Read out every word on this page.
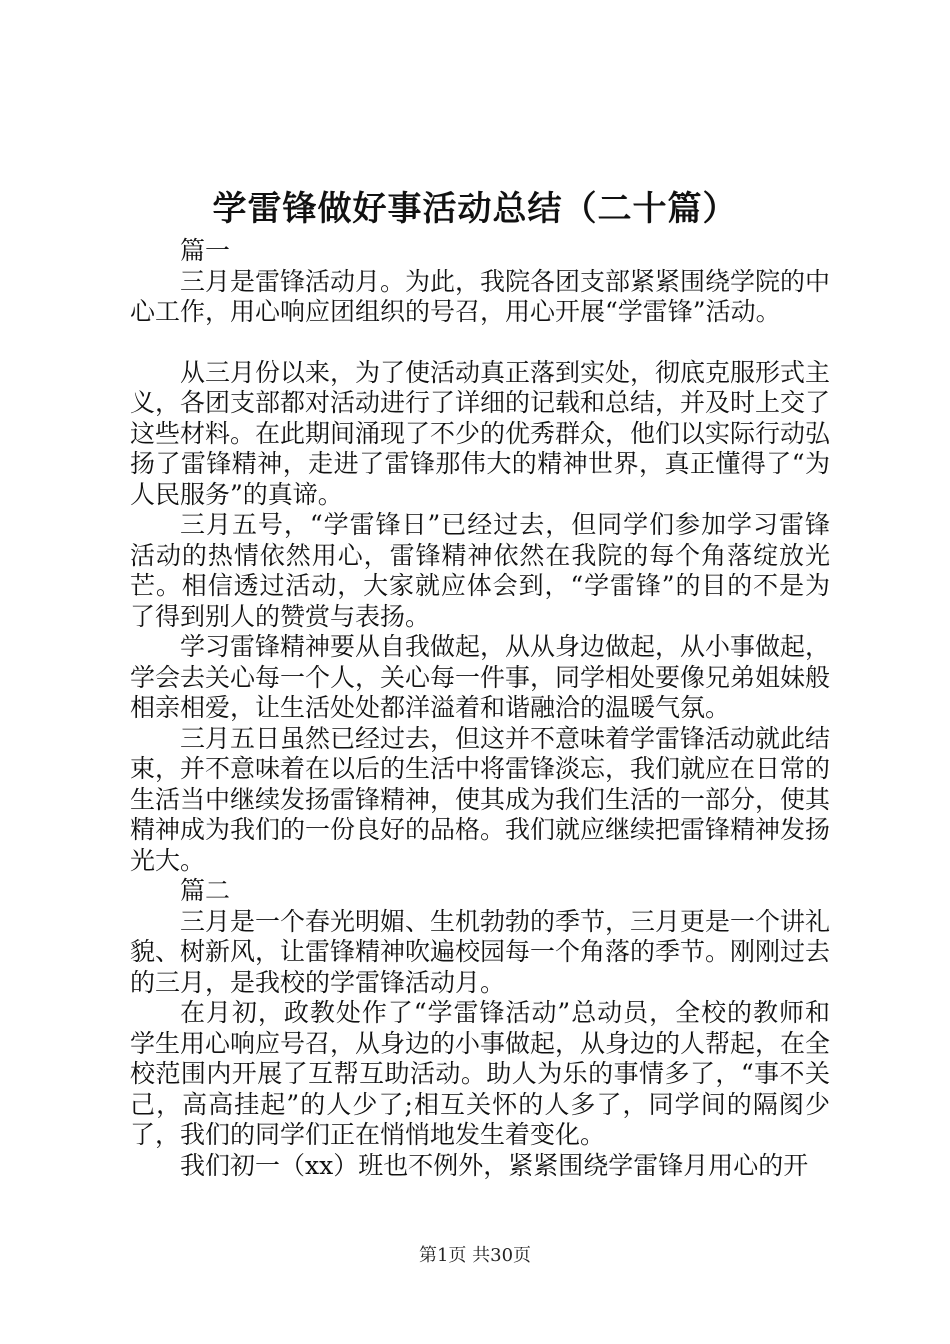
学雷锋做好事活动总结（二十篇）

篇一

三月是雷锋活动月。为此，我院各团支部紧紧围绕学院的中心工作，用心响应团组织的号召，用心开展“学雷锋”活动。

从三月份以来，为了使活动真正落到实处，彻底克服形式主义，各团支部都对活动进行了详细的记载和总结，并及时上交了这些材料。在此期间涌现了不少的优秀群众，他们以实际行动弘扬了雷锋精神，走进了雷锋那伟大的精神世界，真正懂得了“为人民服务”的真谛。

三月五号，“学雷锋日”已经过去，但同学们参加学习雷锋活动的热情依然用心，雷锋精神依然在我院的每个角落绽放光芒。相信透过活动，大家就应体会到，“学雷锋”的目的不是为了得到别人的赞赏与表扬。

学习雷锋精神要从自我做起，从从身边做起，从小事做起，学会去关心每一个人，关心每一件事，同学相处要像兄弟姐妹般相亲相爱，让生活处处都洋溢着和谐融洽的温暖气氛。

三月五日虽然已经过去，但这并不意味着学雷锋活动就此结束，并不意味着在以后的生活中将雷锋淡忘，我们就应在日常的生活当中继续发扬雷锋精神，使其成为我们生活的一部分，使其精神成为我们的一份良好的品格。我们就应继续把雷锋精神发扬光大。

篇二

三月是一个春光明媚、生机勃勃的季节，三月更是一个讲礼貌、树新风，让雷锋精神吹遍校园每一个角落的季节。刚刚过去的三月，是我校的学雷锋活动月。

在月初，政教处作了“学雷锋活动”总动员，全校的教师和学生用心响应号召，从身边的小事做起，从身边的人帮起，在全校范围内开展了互帮互助活动。助人为乐的事情多了，“事不关己，高高挂起”的人少了;相互关怀的人多了，同学间的隔阂少了，我们的同学们正在悄悄地发生着变化。

我们初一（xx）班也不例外，紧紧围绕学雷锋月用心的开

第1页 共30页
